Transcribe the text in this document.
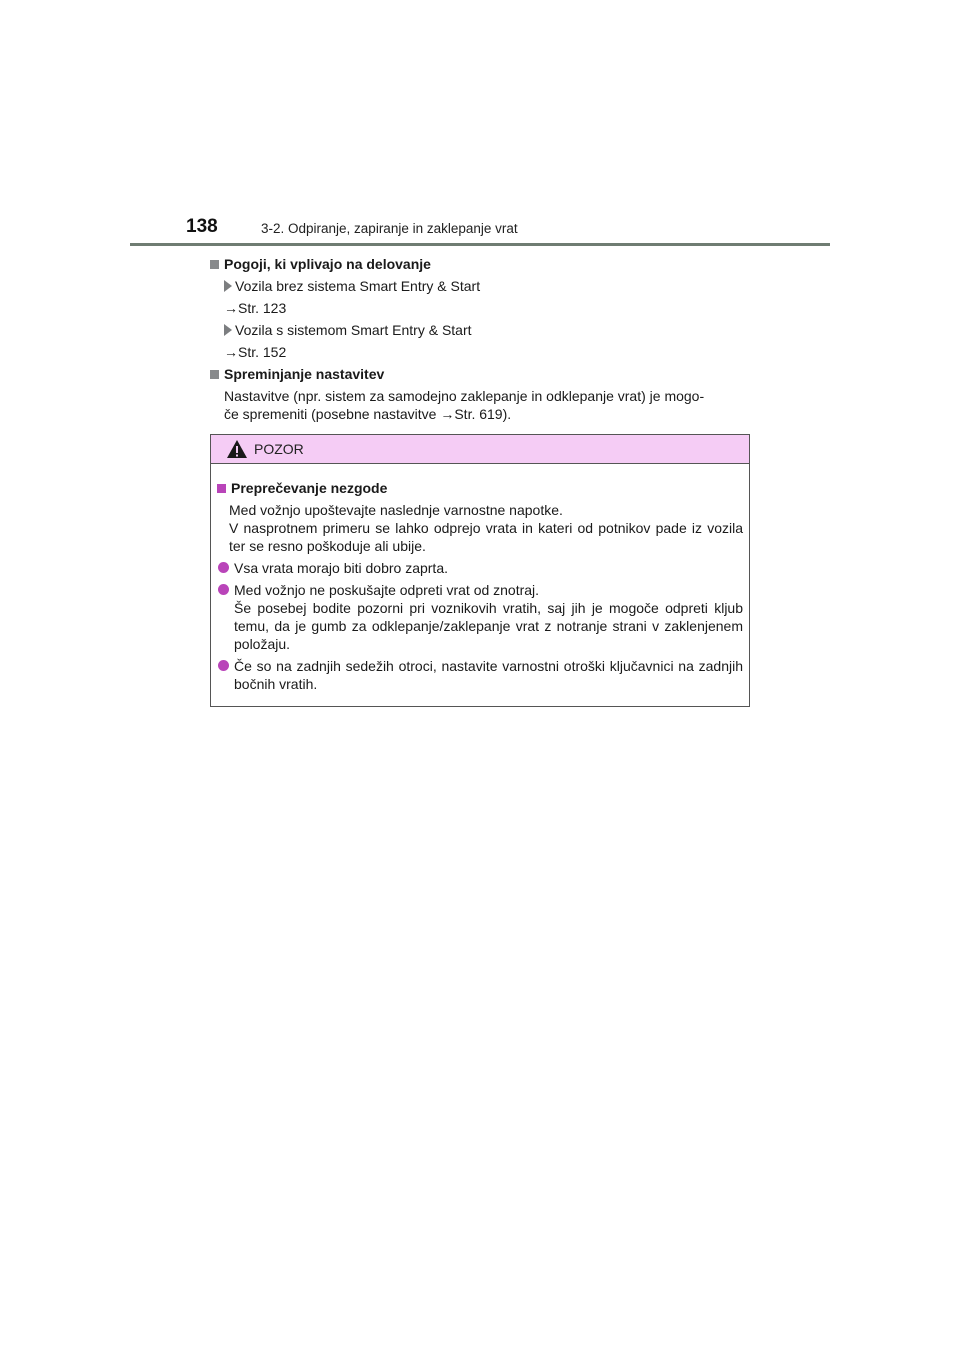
138	3-2. Odpiranje, zapiranje in zaklepanje vrat
Pogoji, ki vplivajo na delovanje
Vozila brez sistema Smart Entry & Start
→Str. 123
Vozila s sistemom Smart Entry & Start
→Str. 152
Spreminjanje nastavitev
Nastavitve (npr. sistem za samodejno zaklepanje in odklepanje vrat) je mogo-
če spremeniti (posebne nastavitve →Str. 619).
POZOR
Preprečevanje nezgode
Med vožnjo upoštevajte naslednje varnostne napotke.
V nasprotnem primeru se lahko odprejo vrata in kateri od potnikov pade iz vozila ter se resno poškoduje ali ubije.
Vsa vrata morajo biti dobro zaprta.
Med vožnjo ne poskušajte odpreti vrat od znotraj.
Še posebej bodite pozorni pri voznikovih vratih, saj jih je mogoče odpreti kljub temu, da je gumb za odklepanje/zaklepanje vrat z notranje strani v zaklenjenem položaju.
Če so na zadnjih sedežih otroci, nastavite varnostni otroški ključavnici na zadnjih bočnih vratih.
